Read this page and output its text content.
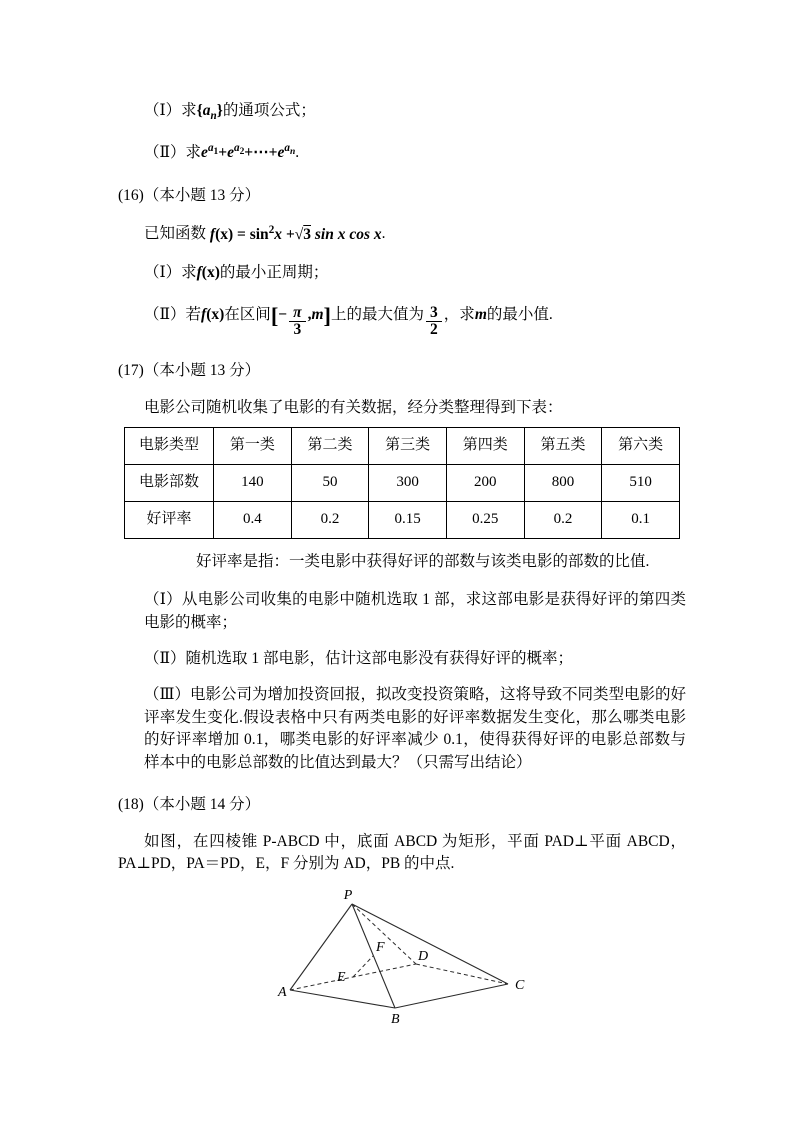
（Ⅰ）求$\{a_n\}$的通项公式；
（Ⅱ）求$e^{a_1}+e^{a_2}+\cdots+e^{a_n}$.
(16)（本小题 13 分）
已知函数 $f(x) = \sin^2x +√3$ sin x cos x.
（Ⅰ）求f(x)的最小正周期；
（Ⅱ）若f(x)在区间[− $\frac{\pi}{3} ,m$]上的最大值为 $\frac{3}{2}$ ，求m的最小值.
(17)（本小题 13 分）
电影公司随机收集了电影的有关数据，经分类整理得到下表：
电影类型	第一类	第二类	第三类	第四类	第五类	第六类
电影部数	140	50	300	200	800	510
好评率	0.4	0.2	0.15	0.25	0.2	0.1
好评率是指：一类电影中获得好评的部数与该类电影的部数的比值.
（Ⅰ）从电影公司收集的电影中随机选取 1 部，求这部电影是获得好评的第四类电影的概率；
（Ⅱ）随机选取 1 部电影，估计这部电影没有获得好评的概率；
（Ⅲ）电影公司为增加投资回报，拟改变投资策略，这将导致不同类型电影的好评率发生变化.假设表格中只有两类电影的好评率数据发生变化，那么哪类电影的好评率增加 0.1，哪类电影的好评率减少 0.1，使得获得好评的电影总部数与样本中的电影总部数的比值达到最大？（只需写出结论）
(18)（本小题 14 分）
如图，在四棱锥 P-ABCD 中，底面 ABCD 为矩形，平面 PAD⊥平面 ABCD，PA⊥PD，PA＝PD，E，F 分别为 AD，PB 的中点.
P
A
B
C
D
E
F
